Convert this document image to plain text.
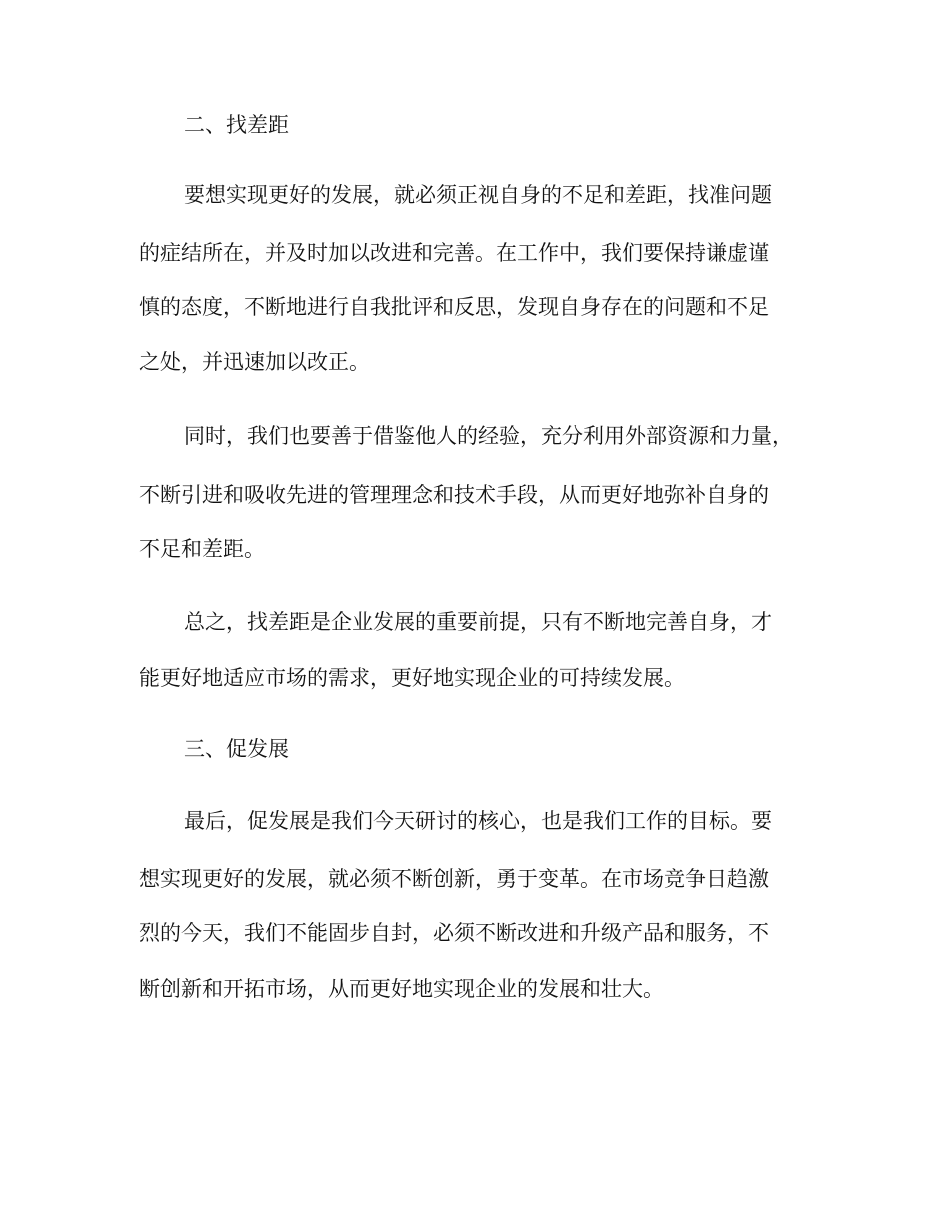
二、找差距

要想实现更好的发展，就必须正视自身的不足和差距，找准问题

的症结所在，并及时加以改进和完善。在工作中，我们要保持谦虚谨

慎的态度，不断地进行自我批评和反思，发现自身存在的问题和不足

之处，并迅速加以改正。

同时，我们也要善于借鉴他人的经验，充分利用外部资源和力量，

不断引进和吸收先进的管理理念和技术手段，从而更好地弥补自身的

不足和差距。

总之，找差距是企业发展的重要前提，只有不断地完善自身，才

能更好地适应市场的需求，更好地实现企业的可持续发展。

三、促发展

最后，促发展是我们今天研讨的核心，也是我们工作的目标。要

想实现更好的发展，就必须不断创新，勇于变革。在市场竞争日趋激

烈的今天，我们不能固步自封，必须不断改进和升级产品和服务，不

断创新和开拓市场，从而更好地实现企业的发展和壮大。
